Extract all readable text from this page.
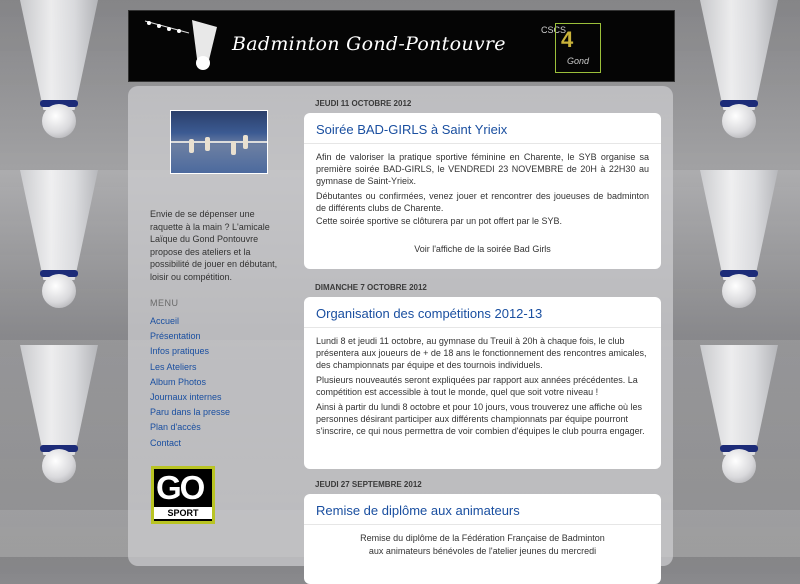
Badminton Gond-Pontouvre
CSCS
4
Gond
Envie de se dépenser une raquette à la main ? L'amicale Laïque du Gond Pontouvre propose des ateliers et la possibilité de jouer en débutant, loisir ou compétition.
MENU
Accueil
Présentation
Infos pratiques
Les Ateliers
Album Photos
Journaux internes
Paru dans la presse
Plan d'accès
Contact
GO
SPORT
JEUDI 11 OCTOBRE 2012
Soirée BAD-GIRLS à Saint Yrieix

Afin de valoriser la pratique sportive féminine en Charente, le SYB organise sa première soirée BAD-GIRLS, le VENDREDI 23 NOVEMBRE de 20H à 22H30 au gymnase de Saint-Yrieix.

Débutantes ou confirmées, venez jouer et rencontrer des joueuses de badminton de différents clubs de Charente.

Cette soirée sportive se clôturera par un pot offert par le SYB.

Voir l'affiche de la soirée Bad Girls

DIMANCHE 7 OCTOBRE 2012
Organisation des compétitions 2012-13

Lundi 8 et jeudi 11 octobre, au gymnase du Treuil à 20h à chaque fois, le club présentera aux joueurs de + de 18 ans le fonctionnement des rencontres amicales, des championnats par équipe et des tournois individuels.

Plusieurs nouveautés seront expliquées par rapport aux années précédentes. La compétition est accessible à tout le monde, quel que soit votre niveau !

Ainsi à partir du lundi 8 octobre et pour 10 jours, vous trouverez une affiche où les personnes désirant participer aux différents championnats par équipe pourront s'inscrire, ce qui nous permettra de voir combien d'équipes le club pourra engager.

JEUDI 27 SEPTEMBRE 2012
Remise de diplôme aux animateurs

Remise du diplôme de la Fédération Française de Badminton

aux animateurs bénévoles de l'atelier jeunes du mercredi
